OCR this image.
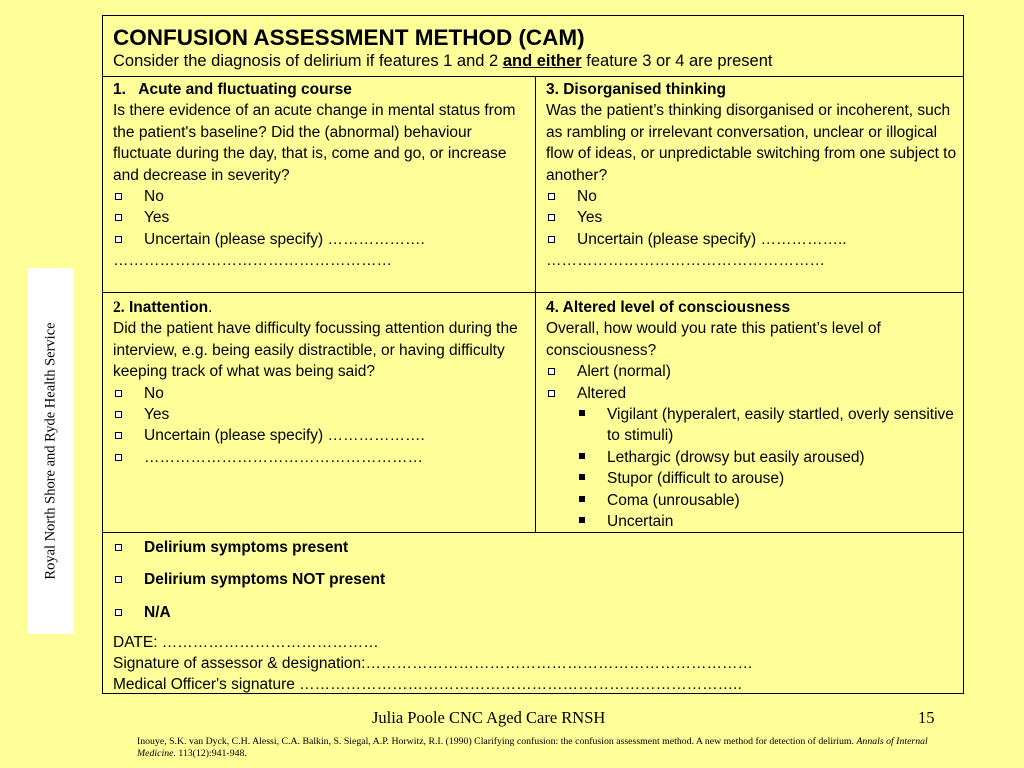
Royal North Shore and Ryde Health Service
CONFUSION ASSESSMENT METHOD (CAM)
Consider the diagnosis of delirium if features 1 and 2 and either feature 3 or 4 are present
1.   Acute and fluctuating course

Is there evidence of an acute change in mental status from the patient's baseline? Did the (abnormal) behaviour fluctuate during the day, that is, come and go, or increase and decrease in severity?

No
Yes
Uncertain (please specify) ……………….
………………………………………………
3. Disorganised thinking

Was the patient’s thinking disorganised or incoherent, such as rambling or irrelevant conversation, unclear or illogical flow of ideas, or unpredictable switching from one subject to another?

No
Yes
Uncertain (please specify) ……………..
………………………………………………
2. Inattention.

Did the patient have difficulty focussing attention during the interview, e.g. being easily distractible, or having difficulty keeping track of what was being said?

No
Yes
Uncertain (please specify) ……………….
………………………………………………
4. Altered level of consciousness

Overall, how would you rate this patient’s level of consciousness?

Alert (normal)
Altered
Vigilant (hyperalert, easily startled, overly sensitive to stimuli)
Lethargic (drowsy but easily aroused)
Stupor (difficult to arouse)
Coma (unrousable)
Uncertain
Delirium symptoms present
Delirium symptoms NOT present
N/A
DATE: ……………………………………
Signature of assessor & designation:…………………………………………………………………
Medical Officer's signature …………………………………………………………………………..
Julia Poole CNC Aged Care RNSH	15
Inouye, S.K. van Dyck, C.H. Alessi, C.A. Balkin, S. Siegal, A.P. Horwitz, R.I. (1990) Clarifying confusion: the confusion assessment method. A new method for detection of delirium. Annals of Internal Medicine. 113(12):941-948.
